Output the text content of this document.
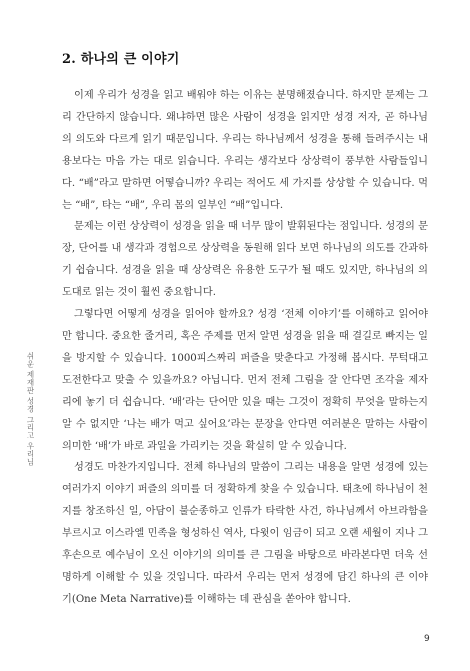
2. 하나의 큰 이야기

이제 우리가 성경을 읽고 배워야 하는 이유는 분명해졌습니다. 하지만 문제는 그리 간단하지 않습니다. 왜냐하면 많은 사람이 성경을 읽지만 성경 저자, 곧 하나님의 의도와 다르게 읽기 때문입니다. 우리는 하나님께서 성경을 통해 들려주시는 내용보다는 마음 가는 대로 읽습니다. 우리는 생각보다 상상력이 풍부한 사람들입니다. “배”라고 말하면 어떻습니까? 우리는 적어도 세 가지를 상상할 수 있습니다. 먹는 “배”, 타는 “배”, 우리 몸의 일부인 “배”입니다.

문제는 이런 상상력이 성경을 읽을 때 너무 많이 발휘된다는 점입니다. 성경의 문장, 단어를 내 생각과 경험으로 상상력을 동원해 읽다 보면 하나님의 의도를 간과하기 쉽습니다. 성경을 읽을 때 상상력은 유용한 도구가 될 때도 있지만, 하나님의 의도대로 읽는 것이 훨씬 중요합니다.

그렇다면 어떻게 성경을 읽어야 할까요? 성경 ‘전체 이야기’를 이해하고 읽어야만 합니다. 중요한 줄거리, 혹은 주제를 먼저 알면 성경을 읽을 때 결길로 빠지는 일을 방지할 수 있습니다. 1000피스짜리 퍼즐을 맞춘다고 가정해 봅시다. 무턱대고 도전한다고 맞출 수 있을까요? 아닙니다. 먼저 전체 그림을 잘 안다면 조각을 제자리에 놓기 더 쉽습니다. ‘배’라는 단어만 있을 때는 그것이 정확히 무엇을 말하는지 알 수 없지만 ‘나는 배가 먹고 싶어요’라는 문장을 안다면 여러분은 말하는 사람이 의미한 ‘배’가 바로 과일을 가리키는 것을 확실히 알 수 있습니다.

성경도 마찬가지입니다. 전체 하나님의 말씀이 그리는 내용을 알면 성경에 있는 여러가지 이야기 퍼즐의 의미를 더 정확하게 찾을 수 있습니다. 태초에 하나님이 천지를 창조하신 일, 아담이 불순종하고 인류가 타락한 사건, 하나님께서 아브라함을 부르시고 이스라엘 민족을 형성하신 역사, 다윗이 임금이 되고 오랜 세월이 지나 그 후손으로 예수님이 오신 이야기의 의미를 큰 그림을 바탕으로 바라본다면 더욱 선명하게 이해할 수 있을 것입니다. 따라서 우리는 먼저 성경에 담긴 하나의 큰 이야기(One Meta Narrative)를 이해하는 데 관심을 쏟아야 합니다.

쉬운 제재판 성경 그리고 우리님
9
